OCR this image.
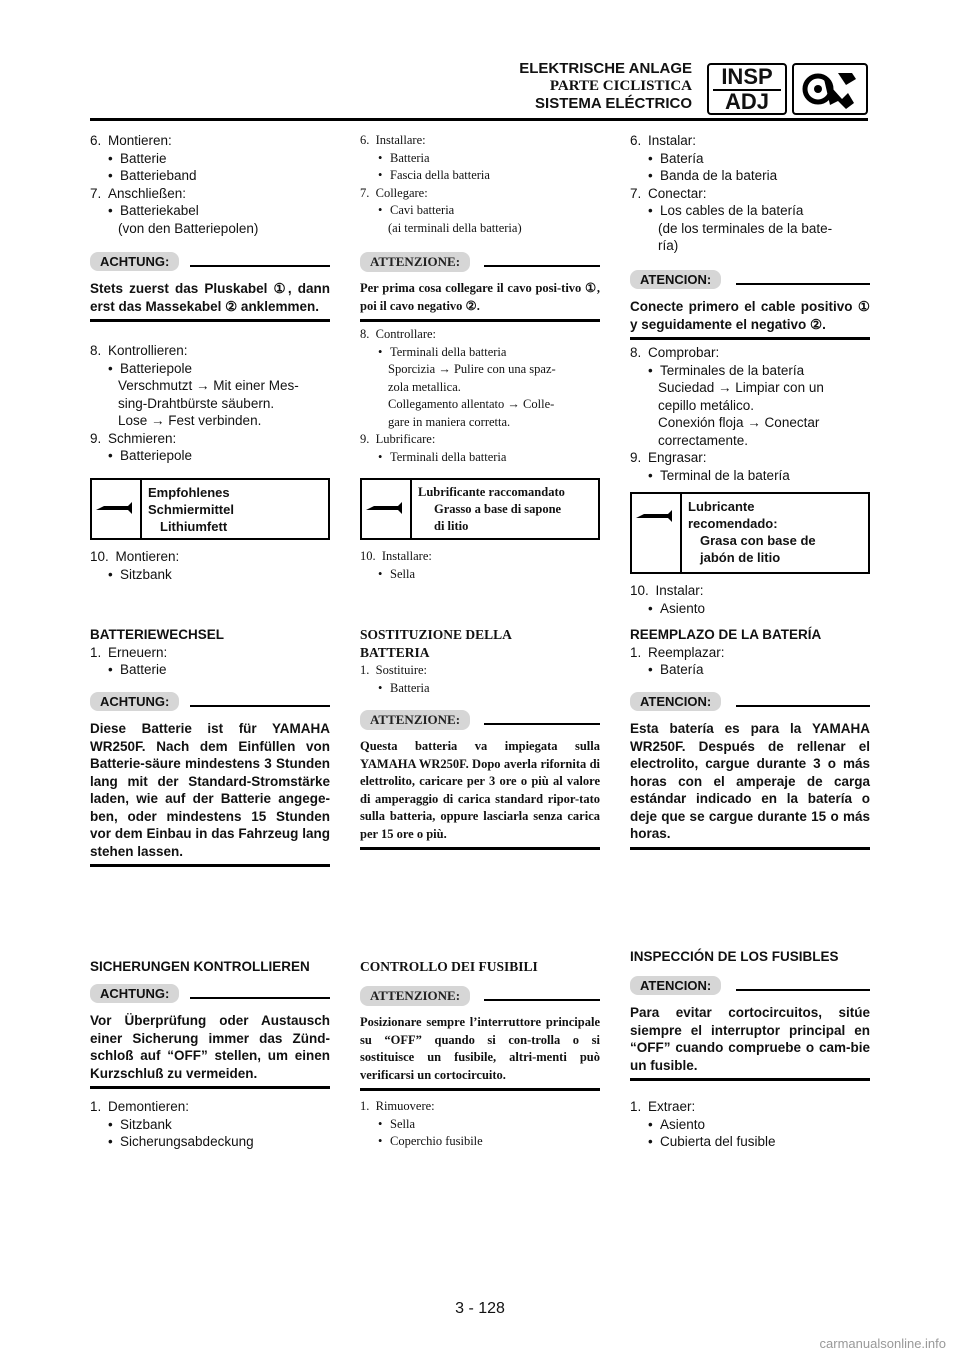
ELEKTRISCHE ANLAGE
PARTE CICLISTICA
SISTEMA ELÉCTRICO
INSP
ADJ
6. Montieren:
• Batterie
• Batterieband
7. Anschließen:
• Batteriekabel
(von den Batteriepolen)
ACHTUNG:
Stets zuerst das Pluskabel ①, dann erst das Massekabel ② anklemmen.
8. Kontrollieren:
• Batteriepole
Verschmutzt → Mit einer Mes-
sing-Drahtbürste säubern.
Lose → Fest verbinden.
9. Schmieren:
• Batteriepole
Empfohlenes
Schmiermittel
Lithiumfett
10. Montieren:
• Sitzbank
BATTERIEWECHSEL
1. Erneuern:
• Batterie
ACHTUNG:
Diese Batterie ist für YAMAHA WR250F. Nach dem Einfüllen von Batterie-säure mindestens 3 Stunden lang mit der Standard-Stromstärke laden, wie auf der Batterie angege-ben, oder mindestens 15 Stunden vor dem Einbau in das Fahrzeug lang stehen lassen.
SICHERUNGEN KONTROLLIEREN
ACHTUNG:
Vor Überprüfung oder Austausch einer Sicherung immer das Zünd-schloß auf “OFF” stellen, um einen Kurzschluß zu vermeiden.
1. Demontieren:
• Sitzbank
• Sicherungsabdeckung
6. Installare:
• Batteria
• Fascia della batteria
7. Collegare:
• Cavi batteria
(ai terminali della batteria)
ATTENZIONE:
Per prima cosa collegare il cavo posi-tivo ①, poi il cavo negativo ②.
8. Controllare:
• Terminali della batteria
Sporcizia → Pulire con una spaz-
zola metallica.
Collegamento allentato → Colle-
gare in maniera corretta.
9. Lubrificare:
• Terminali della batteria
Lubrificante raccomandato
Grasso a base di sapone
di litio
10. Installare:
• Sella
SOSTITUZIONE DELLA BATTERIA
1. Sostituire:
• Batteria
ATTENZIONE:
Questa batteria va impiegata sulla YAMAHA WR250F. Dopo averla rifornita di elettrolito, caricare per 3 ore o più al valore di amperaggio di carica standard ripor-tato sulla batteria, oppure lasciarla senza carica per 15 ore o più.
CONTROLLO DEI FUSIBILI
ATTENZIONE:
Posizionare sempre l’interruttore principale su “OFF” quando si con-trolla o si sostituisce un fusibile, altri-menti può verificarsi un cortocircuito.
1. Rimuovere:
• Sella
• Coperchio fusibile
6. Instalar:
• Batería
• Banda de la bateria
7. Conectar:
• Los cables de la batería
(de los terminales de la bate-
ría)
ATENCION:
Conecte primero el cable positivo ① y seguidamente el negativo ②.
8. Comprobar:
• Terminales de la batería
Suciedad → Limpiar con un
cepillo metálico.
Conexión floja → Conectar
correctamente.
9. Engrasar:
• Terminal de la batería
Lubricante
recomendado:
Grasa con base de
jabón de litio
10. Instalar:
• Asiento
REEMPLAZO DE LA BATERÍA
1. Reemplazar:
• Batería
ATENCION:
Esta batería es para la YAMAHA WR250F. Después de rellenar el electrolito, cargue durante 3 o más horas con el amperaje de carga estándar indicado en la batería o deje que se cargue durante 15 o más horas.
INSPECCIÓN DE LOS FUSIBLES
ATENCION:
Para evitar cortocircuitos, sitúe siempre el interruptor principal en “OFF” cuando compruebe o cam-bie un fusible.
1. Extraer:
• Asiento
• Cubierta del fusible
3 - 128
carmanualsonline.info
